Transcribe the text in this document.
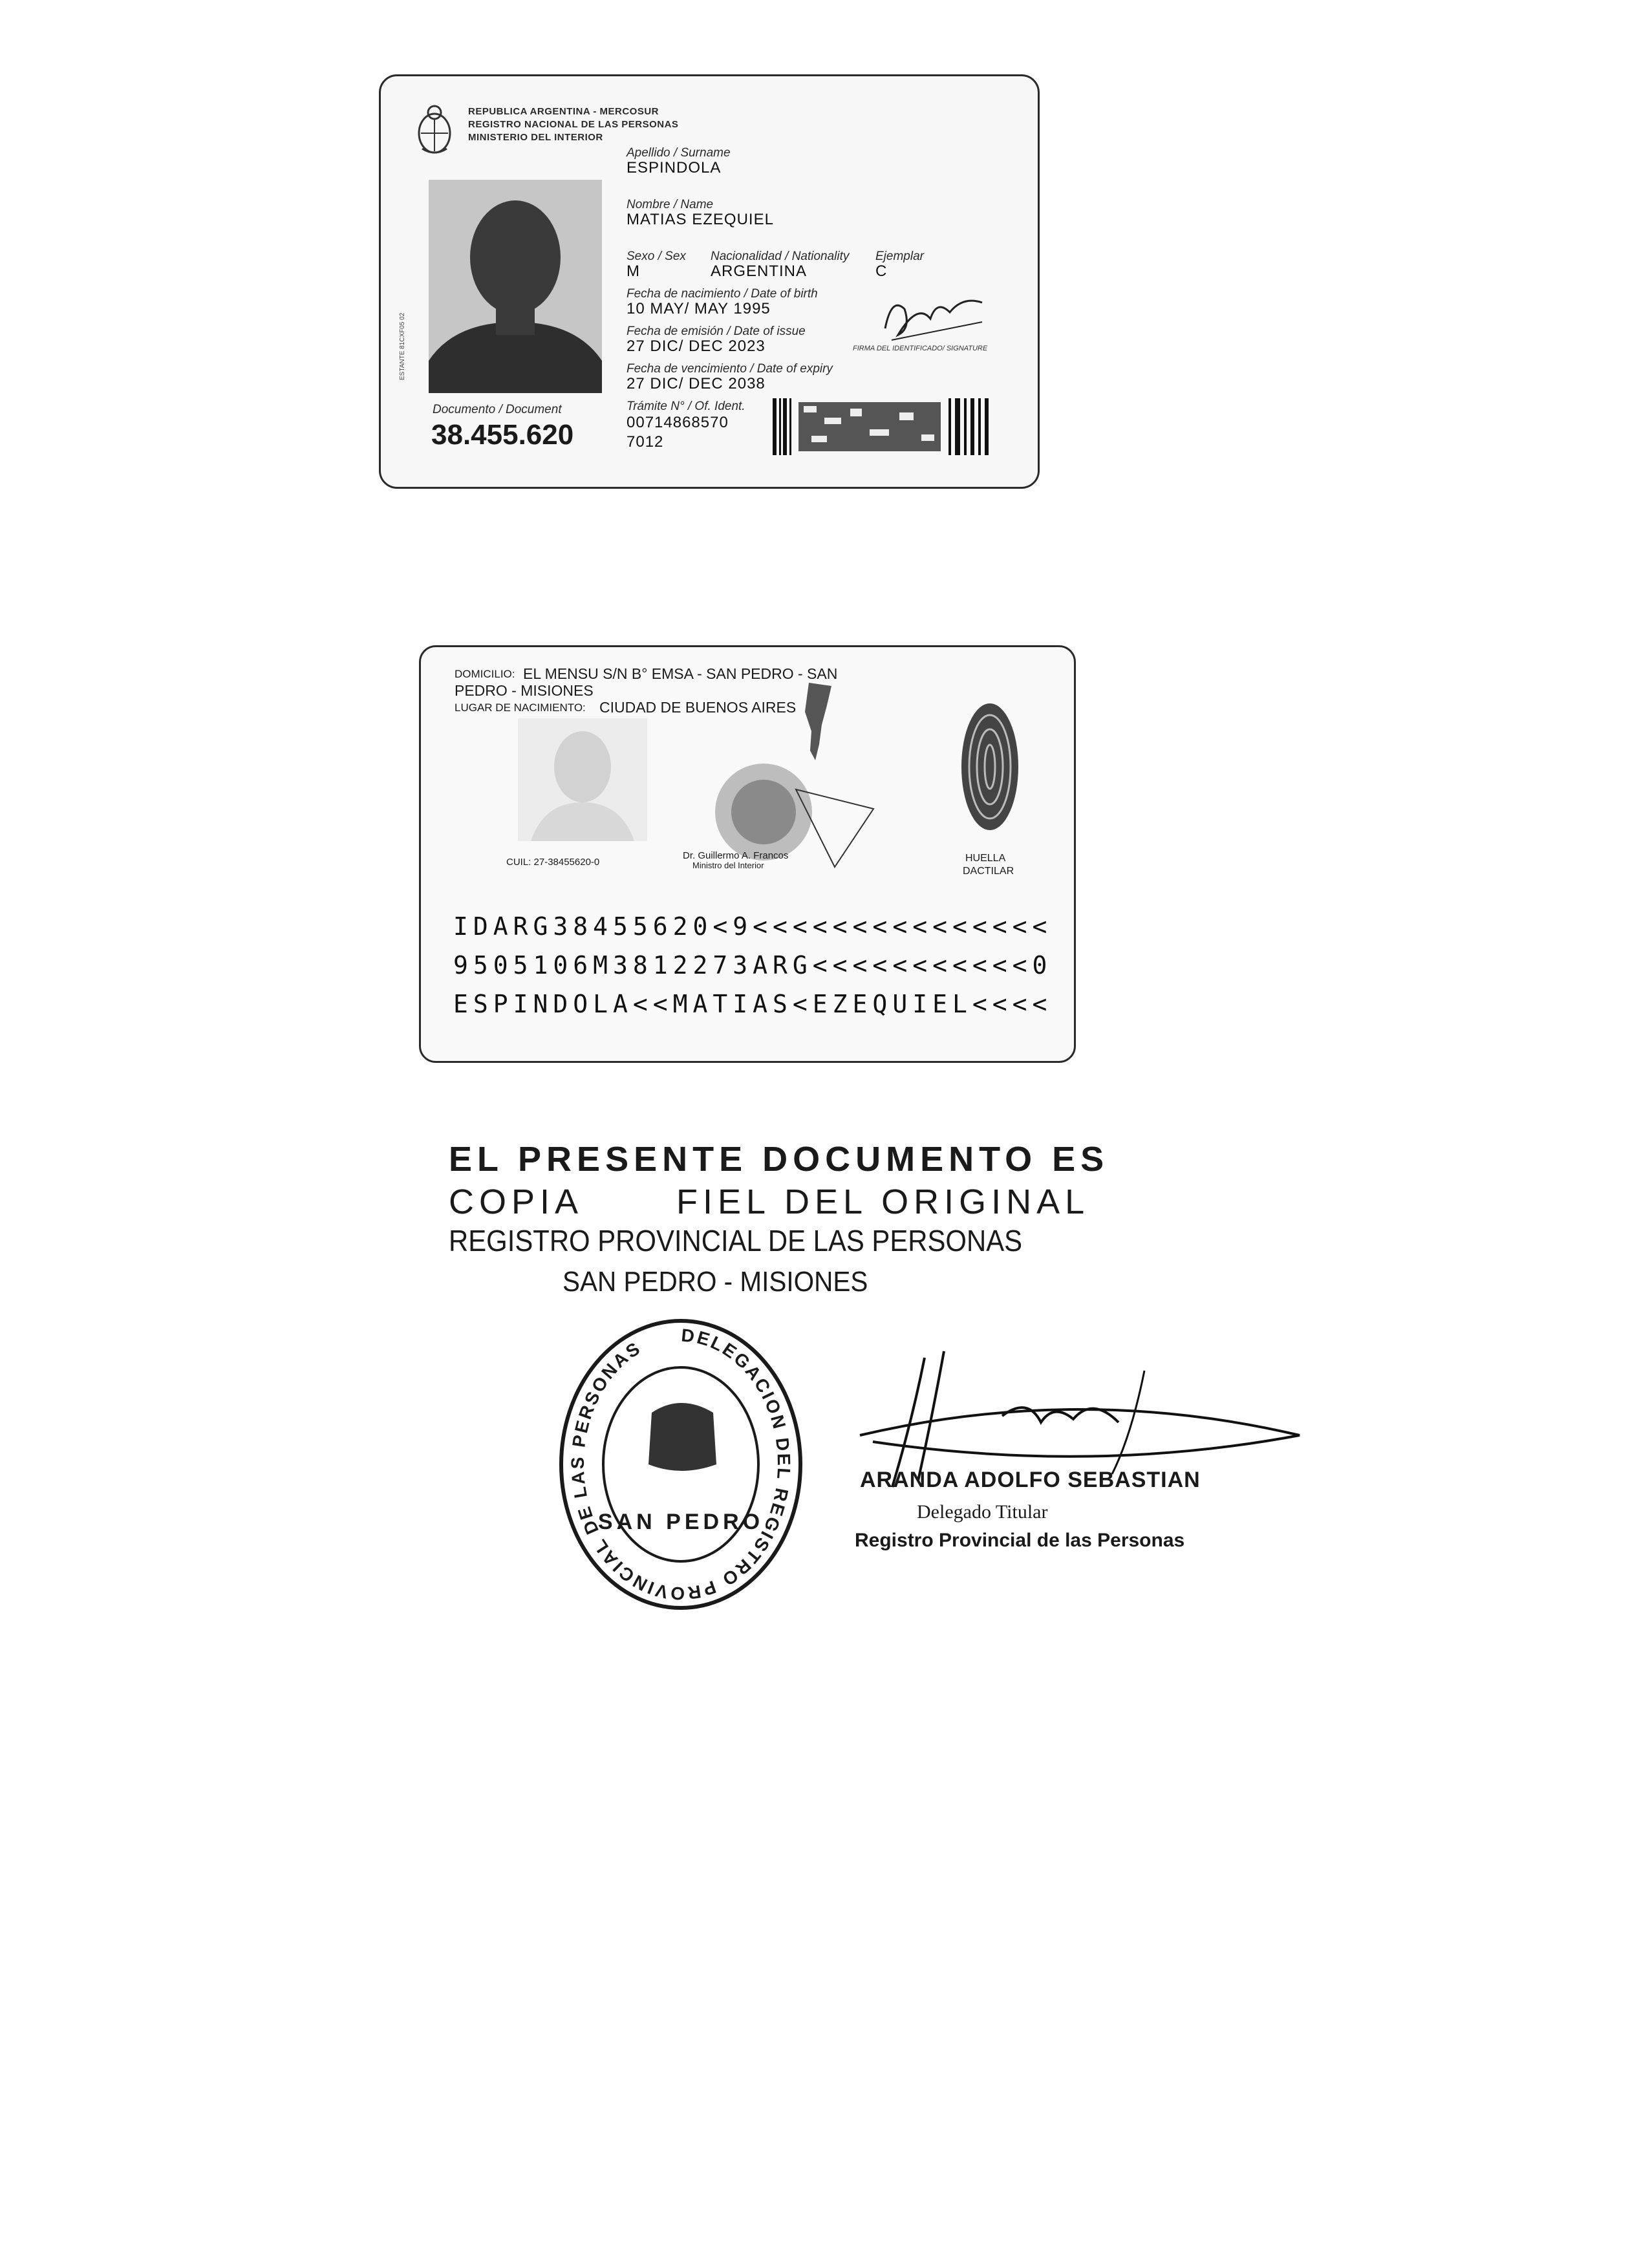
REPUBLICA ARGENTINA - MERCOSUR
REGISTRO NACIONAL DE LAS PERSONAS
MINISTERIO DEL INTERIOR
ESTANTE 81CXF05 02
Apellido / Surname
ESPINDOLA
Nombre / Name
MATIAS EZEQUIEL
Sexo / Sex
M
Nacionalidad / Nationality
ARGENTINA
Ejemplar
C
Fecha de nacimiento / Date of birth
10 MAY/ MAY 1995
Fecha de emisión / Date of issue
27 DIC/ DEC 2023
Fecha de vencimiento / Date of expiry
27 DIC/ DEC 2038
FIRMA DEL IDENTIFICADO/ SIGNATURE
Documento / Document
38.455.620
Trámite N° / Of. Ident.
00714868570
7012
DOMICILIO: EL MENSU S/N B° EMSA - SAN PEDRO - SAN
PEDRO - MISIONES
LUGAR DE NACIMIENTO: CIUDAD DE BUENOS AIRES
Dr. Guillermo A. Francos
Ministro del Interior
CUIL: 27-38455620-0	HUELLA
DACTILAR
IDARG38455620<9<<<<<<<<<<<<<<<
9505106M3812273ARG<<<<<<<<<<<0
ESPINDOLA<<MATIAS<EZEQUIEL<<<<
EL PRESENTE DOCUMENTO ES
COPIA	FIEL DEL ORIGINAL
REGISTRO PROVINCIAL DE LAS PERSONAS
SAN PEDRO - MISIONES
DELEGACION DEL REGISTRO PROVINCIAL DE LAS PERSONAS
SAN PEDRO
ARANDA ADOLFO SEBASTIAN
Delegado Titular
Registro Provincial de las Personas
